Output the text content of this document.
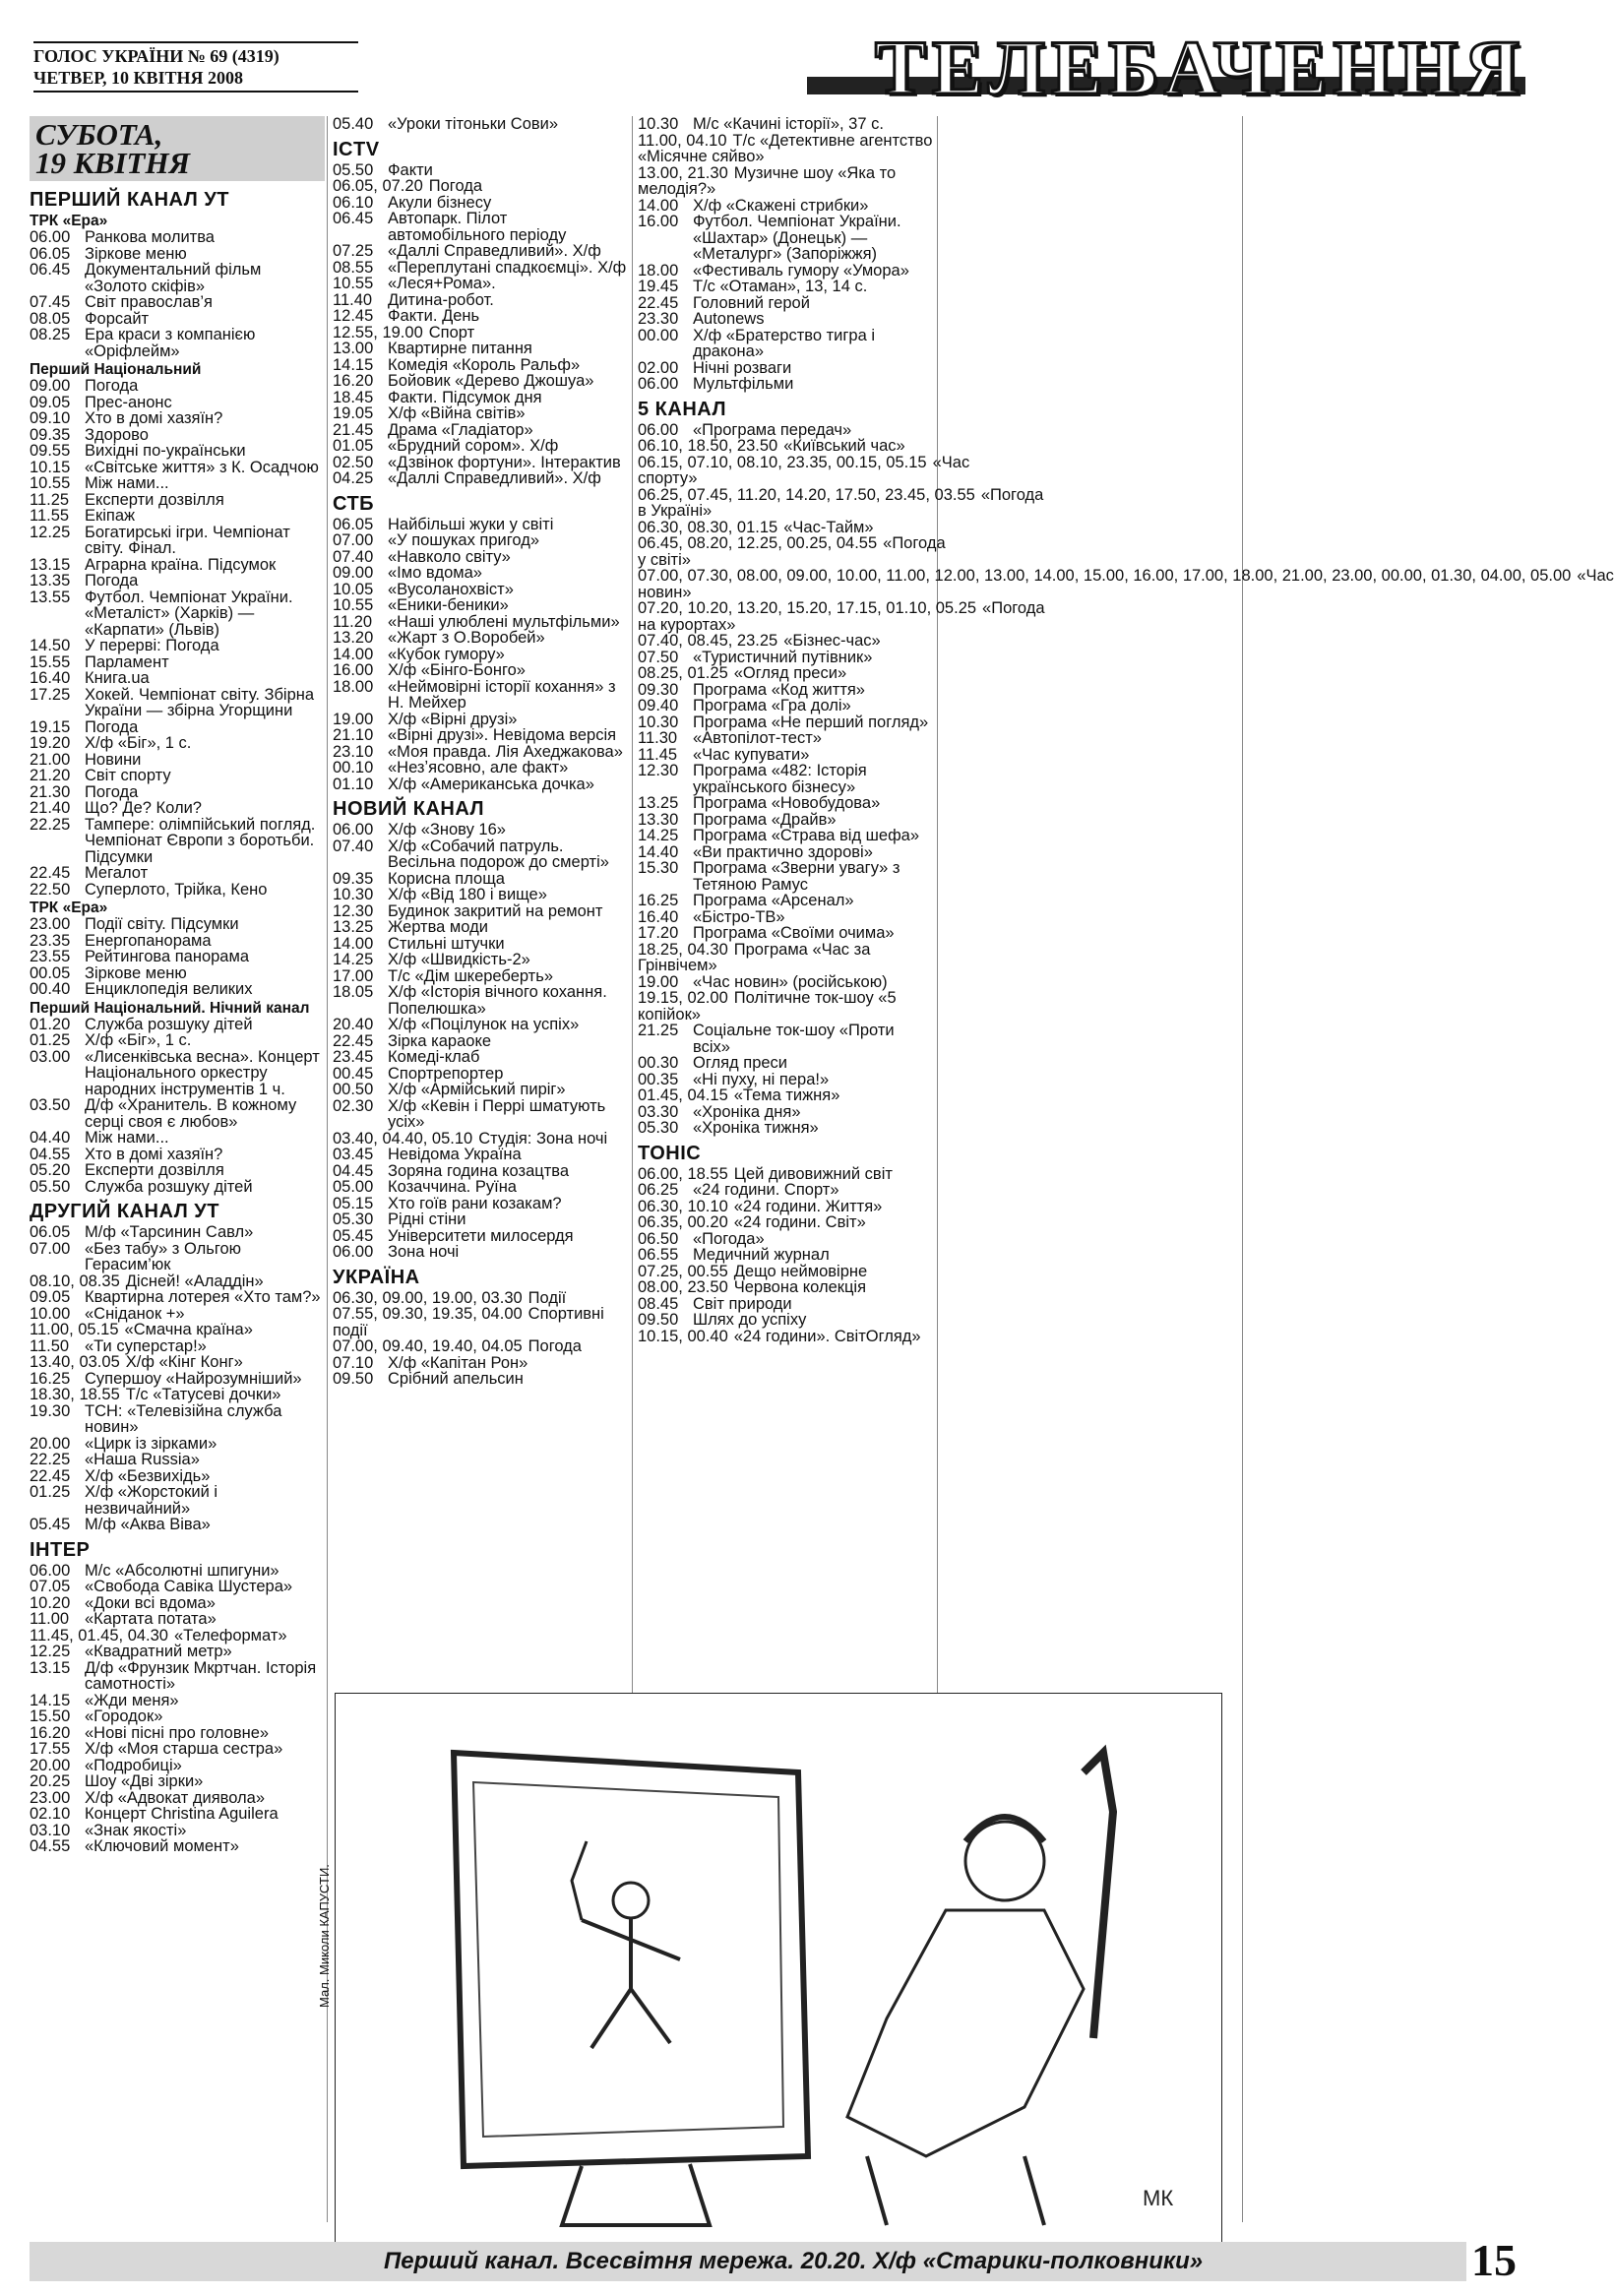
ГОЛОС УКРАЇНИ № 69 (4319)
ЧЕТВЕР, 10 КВІТНЯ 2008	ТЕЛЕБАЧЕННЯ
СУБОТА,
19 КВІТНЯ
ПЕРШИЙ КАНАЛ УТ
ТРК «Ера»
06.00 Ранкова молитва
06.05 Зіркове меню
06.45 Документальний фільм «Золото скіфів»
07.45 Світ православ’я
08.05 Форсайт
08.25 Ера краси з компанією «Оріфлейм»
Перший Національний
09.00 Погода
09.05 Прес-анонс
09.10 Хто в домі хазяїн?
09.35 Здорово
09.55 Вихідні по-українськи
10.15 «Світське життя» з К. Осадчою
10.55 Між нами...
11.25 Експерти дозвілля
11.55 Екіпаж
12.25 Богатирські ігри. Чемпіонат світу. Фінал.
13.15 Аграрна країна. Підсумок
13.35 Погода
13.55 Футбол. Чемпіонат України. «Металіст» (Харків) — «Карпати» (Львів)
14.50 У перерві: Погода
15.55 Парламент
16.40 Книга.ua
17.25 Хокей. Чемпіонат світу. Збірна України — збірна Угорщини
19.15 Погода
19.20 Х/ф «Біг», 1 с.
21.00 Новини
21.20 Світ спорту
21.30 Погода
21.40 Що? Де? Коли?
22.25 Тампере: олімпійський погляд. Чемпіонат Європи з боротьби. Підсумки
22.45 Мегалот
22.50 Суперлото, Трійка, Кено
ТРК «Ера»
23.00 Події світу. Підсумки
23.35 Енергопанорама
23.55 Рейтингова панорама
00.05 Зіркове меню
00.40 Енциклопедія великих
Перший Національний. Нічний канал
01.20 Служба розшуку дітей
01.25 Х/ф «Біг», 1 с.
03.00 «Лисенківська весна». Концерт Національного оркестру народних інструментів 1 ч.
03.50 Д/ф «Хранитель. В кожному серці своя є любов»
04.40 Між нами...
04.55 Хто в домі хазяїн?
05.20 Експерти дозвілля
05.50 Служба розшуку дітей
ДРУГИЙ КАНАЛ УТ
06.05 М/ф «Тарсинин Савл»
07.00 «Без табу» з Ольгою Герасим’юк
08.10, 08.35 Дісней! «Аладдін»
09.05 Квартирна лотерея «Хто там?»
10.00 «Сніданок +»
11.00, 05.15 «Смачна країна»
11.50 «Ти суперстар!»
13.40, 03.05 Х/ф «Кінг Конг»
16.25 Супершоу «Найрозумніший»
18.30, 18.55 Т/с «Татусеві дочки»
19.30 ТСН: «Телевізійна служба новин»
20.00 «Цирк із зірками»
22.25 «Наша Russia»
22.45 Х/ф «Безвихідь»
01.25 Х/ф «Жорстокий і незвичайний»
05.45 М/ф «Аква Віва»
ІНТЕР
06.00 М/с «Абсолютні шпигуни»
07.05 «Свобода Савіка Шустера»
10.20 «Доки всі вдома»
11.00 «Картата потата»
11.45, 01.45, 04.30 «Телеформат»
12.25 «Квадратний метр»
13.15 Д/ф «Фрунзик Мкртчан. Історія самотності»
14.15 «Жди меня»
15.50 «Городок»
16.20 «Нові пісні про головне»
17.55 Х/ф «Моя старша сестра»
20.00 «Подробиці»
20.25 Шоу «Дві зірки»
23.00 Х/ф «Адвокат диявола»
02.10 Концерт Christina Aguilera
03.10 «Знак якості»
04.55 «Ключовий момент»
05.40 «Уроки тітоньки Сови»
ICTV
05.50 Факти
06.05, 07.20 Погода
06.10 Акули бізнесу
06.45 Автопарк. Пілот автомобільного періоду
07.25 «Даллі Справедливий». Х/ф
08.55 «Переплутані спадкоємці». Х/ф
10.55 «Леся+Рома».
11.40 Дитина-робот.
12.45 Факти. День
12.55, 19.00 Спорт
13.00 Квартирне питання
14.15 Комедія «Король Ральф»
16.20 Бойовик «Дерево Джошуа»
18.45 Факти. Підсумок дня
19.05 Х/ф «Війна світів»
21.45 Драма «Гладіатор»
01.05 «Брудний сором». Х/ф
02.50 «Дзвінок фортуни». Інтерактив
04.25 «Даллі Справедливий». Х/ф
СТБ
06.05 Найбільші жуки у світі
07.00 «У пошуках пригод»
07.40 «Навколо світу»
09.00 «Імо вдома»
10.05 «Вусоланохвіст»
10.55 «Еники-беники»
11.20 «Наші улюблені мультфільми»
13.20 «Жарт з О.Воробей»
14.00 «Кубок гумору»
16.00 Х/ф «Бінго-Бонго»
18.00 «Неймовірні історії кохання» з Н. Мейхер
19.00 Х/ф «Вірні друзі»
21.10 «Вірні друзі». Невідома версія
23.10 «Моя правда. Лія Ахеджакова»
00.10 «Незʼясовно, але факт»
01.10 Х/ф «Американська дочка»
НОВИЙ КАНАЛ
06.00 Х/ф «Знову 16»
07.40 Х/ф «Собачий патруль. Весільна подорож до смерті»
09.35 Корисна площа
10.30 Х/ф «Від 180 і вище»
12.30 Будинок закритий на ремонт
13.25 Жертва моди
14.00 Стильні штучки
14.25 Х/ф «Швидкість-2»
17.00 Т/с «Дім шкереберть»
18.05 Х/ф «Історія вічного кохання. Попелюшка»
20.40 Х/ф «Поцілунок на успіх»
22.45 Зірка караоке
23.45 Комеді-клаб
00.45 Спортрепортер
00.50 Х/ф «Армійський пиріг»
02.30 Х/ф «Кевін і Перрі шматують усіх»
03.40, 04.40, 05.10 Студія: Зона ночі
03.45 Невідома Україна
04.45 Зоряна година козацтва
05.00 Козаччина. Руїна
05.15 Хто гоїв рани козакам?
05.30 Рідні стіни
05.45 Університети милосердя
06.00 Зона ночі
УКРАЇНА
06.30, 09.00, 19.00, 03.30 Події
07.55, 09.30, 19.35, 04.00 Спортивні події
07.00, 09.40, 19.40, 04.05 Погода
07.10 Х/ф «Капітан Рон»
09.50 Срібний апельсин
10.30 М/с «Качині історії», 37 с.
11.00, 04.10 Т/с «Детективне агентство «Місячне сяйво»
13.00, 21.30 Музичне шоу «Яка то мелодія?»
14.00 Х/ф «Скажені стрибки»
16.00 Футбол. Чемпіонат України. «Шахтар» (Донецьк) — «Металург» (Запоріжжя)
18.00 «Фестиваль гумору «Умора»
19.45 Т/с «Отаман», 13, 14 с.
22.45 Головний герой
23.30 Autonews
00.00 Х/ф «Братерство тигра і дракона»
02.00 Нічні розваги
06.00 Мультфільми
5 КАНАЛ
06.00 «Програма передач»
06.10, 18.50, 23.50 «Київський час»
06.15, 07.10, 08.10, 23.35, 00.15, 05.15 «Час спорту»
06.25, 07.45, 11.20, 14.20, 17.50, 23.45, 03.55 «Погода в Україні»
06.30, 08.30, 01.15 «Час-Тайм»
06.45, 08.20, 12.25, 00.25, 04.55 «Погода у світі»
07.00, 07.30, 08.00, 09.00, 10.00, 11.00, 12.00, 13.00, 14.00, 15.00, 16.00, 17.00, 18.00, 21.00, 23.00, 00.00, 01.30, 04.00, 05.00 «Час новин»
07.20, 10.20, 13.20, 15.20, 17.15, 01.10, 05.25 «Погода на курортах»
07.40, 08.45, 23.25 «Бізнес-час»
07.50 «Туристичний путівник»
08.25, 01.25 «Огляд преси»
09.30 Програма «Код життя»
09.40 Програма «Гра долі»
10.30 Програма «Не перший погляд»
11.30 «Автопілот-тест»
11.45 «Час купувати»
12.30 Програма «482: Історія українського бізнесу»
13.25 Програма «Новобудова»
13.30 Програма «Драйв»
14.25 Програма «Страва від шефа»
14.40 «Ви практично здорові»
15.30 Програма «Зверни увагу» з Тетяною Рамус
16.25 Програма «Арсенал»
16.40 «Бістро-ТВ»
17.20 Програма «Своїми очима»
18.25, 04.30 Програма «Час за Грінвічем»
19.00 «Час новин» (російською)
19.15, 02.00 Політичне ток-шоу «5 копійок»
21.25 Соціальне ток-шоу «Проти всіх»
00.30 Огляд преси
00.35 «Ні пуху, ні пера!»
01.45, 04.15 «Тема тижня»
03.30 «Хроніка дня»
05.30 «Хроніка тижня»
ТОНІС
06.00, 18.55 Цей дивовижний світ
06.25 «24 години. Спорт»
06.30, 10.10 «24 години. Життя»
06.35, 00.20 «24 години. Світ»
06.50 «Погода»
06.55 Медичний журнал
07.25, 00.55 Дещо неймовірне
08.00, 23.50 Червона колекція
08.45 Світ природи
09.50 Шлях до успіху
10.15, 00.40 «24 години». СвітОгляд»
МК
Мал. Миколи КАПУСТИ.
Перший канал. Всесвітня мережа. 20.20. Х/ф «Старики-полковники»	15
